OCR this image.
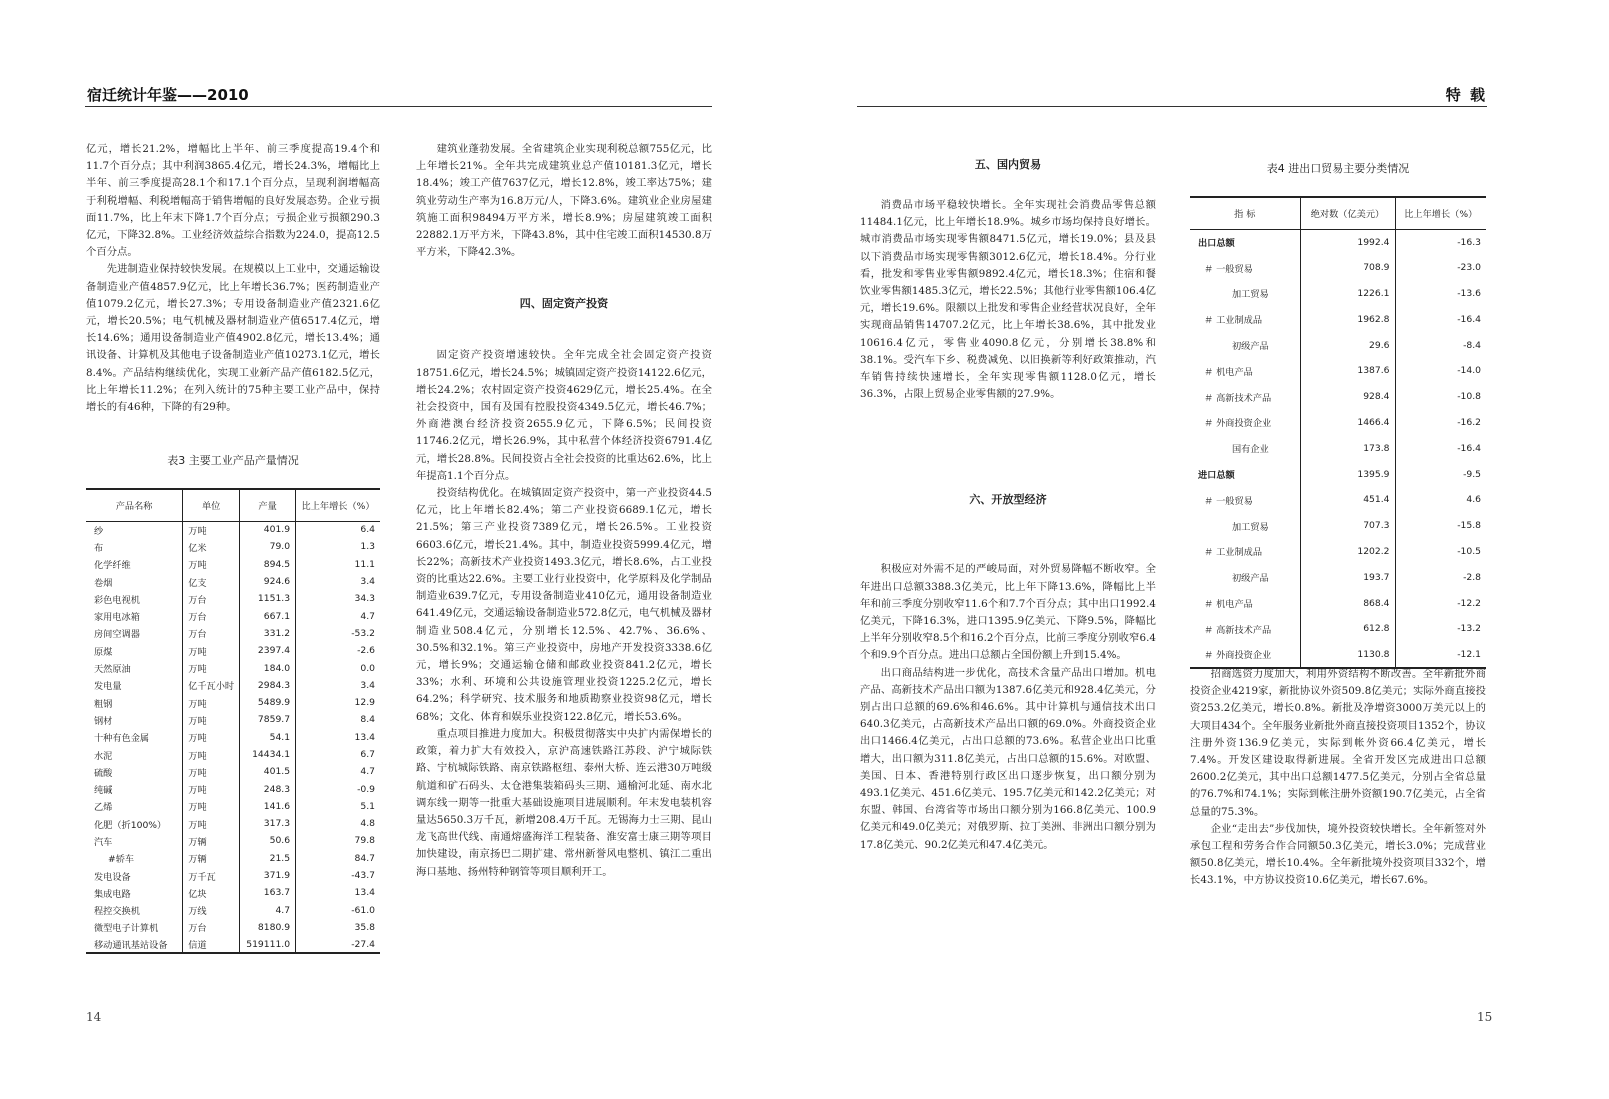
宿迁统计年鉴——2010

亿元，增长21.2%，增幅比上半年、前三季度提高19.4个和11.7个百分点；其中利润3865.4亿元，增长24.3%，增幅比上半年、前三季度提高28.1个和17.1个百分点，呈现利润增幅高于利税增幅、利税增幅高于销售增幅的良好发展态势。企业亏损面11.7%，比上年末下降1.7个百分点；亏损企业亏损额290.3亿元，下降32.8%。工业经济效益综合指数为224.0，提高12.5个百分点。

先进制造业保持较快发展。在规模以上工业中，交通运输设备制造业产值4857.9亿元，比上年增长36.7%；医药制造业产值1079.2亿元，增长27.3%；专用设备制造业产值2321.6亿元，增长20.5%；电气机械及器材制造业产值6517.4亿元，增长14.6%；通用设备制造业产值4902.8亿元，增长13.4%；通讯设备、计算机及其他电子设备制造业产值10273.1亿元，增长8.4%。产品结构继续优化，实现工业新产品产值6182.5亿元，比上年增长11.2%；在列入统计的75种主要工业产品中，保持增长的有46种，下降的有29种。

表3 主要工业产品产量情况
产品名称	单位	产量	比上年增长（%）
纱	万吨	401.9	6.4
布	亿米	79.0	1.3
化学纤维	万吨	894.5	11.1
卷烟	亿支	924.6	3.4
彩色电视机	万台	1151.3	34.3
家用电冰箱	万台	667.1	4.7
房间空调器	万台	331.2	-53.2
原煤	万吨	2397.4	-2.6
天然原油	万吨	184.0	0.0
发电量	亿千瓦小时	2984.3	3.4
粗钢	万吨	5489.9	12.9
钢材	万吨	7859.7	8.4
十种有色金属	万吨	54.1	13.4
水泥	万吨	14434.1	6.7
硫酸	万吨	401.5	4.7
纯碱	万吨	248.3	-0.9
乙烯	万吨	141.6	5.1
化肥（折100%）	万吨	317.3	4.8
汽车	万辆	50.6	79.8
#轿车	万辆	21.5	84.7
发电设备	万千瓦	371.9	-43.7
集成电路	亿块	163.7	13.4
程控交换机	万线	4.7	-61.0
微型电子计算机	万台	8180.9	35.8
移动通讯基站设备	信道	519111.0	-27.4

建筑业蓬勃发展。全省建筑企业实现利税总额755亿元，比上年增长21%。全年共完成建筑业总产值10181.3亿元，增长18.4%；竣工产值7637亿元，增长12.8%，竣工率达75%；建筑业劳动生产率为16.8万元/人，下降3.6%。建筑业企业房屋建筑施工面积98494万平方米，增长8.9%；房屋建筑竣工面积22882.1万平方米，下降43.8%，其中住宅竣工面积14530.8万平方米，下降42.3%。

四、固定资产投资

固定资产投资增速较快。全年完成全社会固定资产投资18751.6亿元，增长24.5%；城镇固定资产投资14122.6亿元，增长24.2%；农村固定资产投资4629亿元，增长25.4%。在全社会投资中，国有及国有控股投资4349.5亿元，增长46.7%；外商港澳台经济投资2655.9亿元，下降6.5%；民间投资11746.2亿元，增长26.9%，其中私营个体经济投资6791.4亿元，增长28.8%。民间投资占全社会投资的比重达62.6%，比上年提高1.1个百分点。

投资结构优化。在城镇固定资产投资中，第一产业投资44.5亿元，比上年增长82.4%；第二产业投资6689.1亿元，增长21.5%；第三产业投资7389亿元，增长26.5%。工业投资6603.6亿元，增长21.4%。其中，制造业投资5999.4亿元，增长22%；高新技术产业投资1493.3亿元，增长8.6%，占工业投资的比重达22.6%。主要工业行业投资中，化学原料及化学制品制造业639.7亿元，专用设备制造业410亿元，通用设备制造业641.49亿元，交通运输设备制造业572.8亿元，电气机械及器材制造业508.4亿元，分别增长12.5%、42.7%、36.6%、30.5%和32.1%。第三产业投资中，房地产开发投资3338.6亿元，增长9%；交通运输仓储和邮政业投资841.2亿元，增长33%；水利、环境和公共设施管理业投资1225.2亿元，增长64.2%；科学研究、技术服务和地质勘察业投资98亿元，增长68%；文化、体育和娱乐业投资122.8亿元，增长53.6%。

重点项目推进力度加大。积极贯彻落实中央扩内需保增长的政策，着力扩大有效投入，京沪高速铁路江苏段、沪宁城际铁路、宁杭城际铁路、南京铁路枢纽、泰州大桥、连云港30万吨级航道和矿石码头、太仓港集装箱码头三期、通榆河北延、南水北调东线一期等一批重大基础设施项目进展顺利。年末发电装机容量达5650.3万千瓦，新增208.4万千瓦。无锡海力士三期、昆山龙飞高世代线、南通熔盛海洋工程装备、淮安富士康三期等项目加快建设，南京扬巴二期扩建、常州新誉风电整机、镇江二重出海口基地、扬州特种钢管等项目顺利开工。

14
特 载
五、国内贸易

消费品市场平稳较快增长。全年实现社会消费品零售总额11484.1亿元，比上年增长18.9%。城乡市场均保持良好增长。城市消费品市场实现零售额8471.5亿元，增长19.0%；县及县以下消费品市场实现零售额3012.6亿元，增长18.4%。分行业看，批发和零售业零售额9892.4亿元，增长18.3%；住宿和餐饮业零售额1485.3亿元，增长22.5%；其他行业零售额106.4亿元，增长19.6%。限额以上批发和零售企业经营状况良好，全年实现商品销售14707.2亿元，比上年增长38.6%，其中批发业10616.4亿元，零售业4090.8亿元，分别增长38.8%和38.1%。受汽车下乡、税费减免、以旧换新等利好政策推动，汽车销售持续快速增长，全年实现零售额1128.0亿元，增长36.3%，占限上贸易企业零售额的27.9%。

六、开放型经济

积极应对外需不足的严峻局面，对外贸易降幅不断收窄。全年进出口总额3388.3亿美元，比上年下降13.6%，降幅比上半年和前三季度分别收窄11.6个和7.7个百分点；其中出口1992.4亿美元，下降16.3%，进口1395.9亿美元、下降9.5%，降幅比上半年分别收窄8.5个和16.2个百分点，比前三季度分别收窄6.4个和9.9个百分点。进出口总额占全国份额上升到15.4%。

出口商品结构进一步优化，高技术含量产品出口增加。机电产品、高新技术产品出口额为1387.6亿美元和928.4亿美元，分别占出口总额的69.6%和46.6%。其中计算机与通信技术出口640.3亿美元，占高新技术产品出口额的69.0%。外商投资企业出口1466.4亿美元，占出口总额的73.6%。私营企业出口比重增大，出口额为311.8亿美元，占出口总额的15.6%。对欧盟、美国、日本、香港特别行政区出口逐步恢复，出口额分别为493.1亿美元、451.6亿美元、195.7亿美元和142.2亿美元；对东盟、韩国、台湾省等市场出口额分别为166.8亿美元、100.9亿美元和49.0亿美元；对俄罗斯、拉丁美洲、非洲出口额分别为17.8亿美元、90.2亿美元和47.4亿美元。

表4 进出口贸易主要分类情况
指 标	绝对数（亿美元）	比上年增长（%）
出口总额	1992.4	-16.3
＃ 一般贸易	708.9	-23.0
加工贸易	1226.1	-13.6
＃ 工业制成品	1962.8	-16.4
初级产品	29.6	-8.4
＃ 机电产品	1387.6	-14.0
＃ 高新技术产品	928.4	-10.8
＃ 外商投资企业	1466.4	-16.2
国有企业	173.8	-16.4
进口总额	1395.9	-9.5
＃ 一般贸易	451.4	4.6
加工贸易	707.3	-15.8
＃ 工业制成品	1202.2	-10.5
初级产品	193.7	-2.8
＃ 机电产品	868.4	-12.2
＃ 高新技术产品	612.8	-13.2
＃ 外商投资企业	1130.8	-12.1

招商选资力度加大，利用外资结构不断改善。全年新批外商投资企业4219家，新批协议外资509.8亿美元；实际外商直接投资253.2亿美元，增长0.8%。新批及净增资3000万美元以上的大项目434个。全年服务业新批外商直接投资项目1352个，协议注册外资136.9亿美元，实际到帐外资66.4亿美元，增长7.4%。开发区建设取得新进展。全省开发区完成进出口总额2600.2亿美元，其中出口总额1477.5亿美元，分别占全省总量的76.7%和74.1%；实际到帐注册外资额190.7亿美元，占全省总量的75.3%。

企业“走出去”步伐加快，境外投资较快增长。全年新签对外承包工程和劳务合作合同额50.3亿美元，增长3.0%；完成营业额50.8亿美元，增长10.4%。全年新批境外投资项目332个，增长43.1%，中方协议投资10.6亿美元，增长67.6%。

15
